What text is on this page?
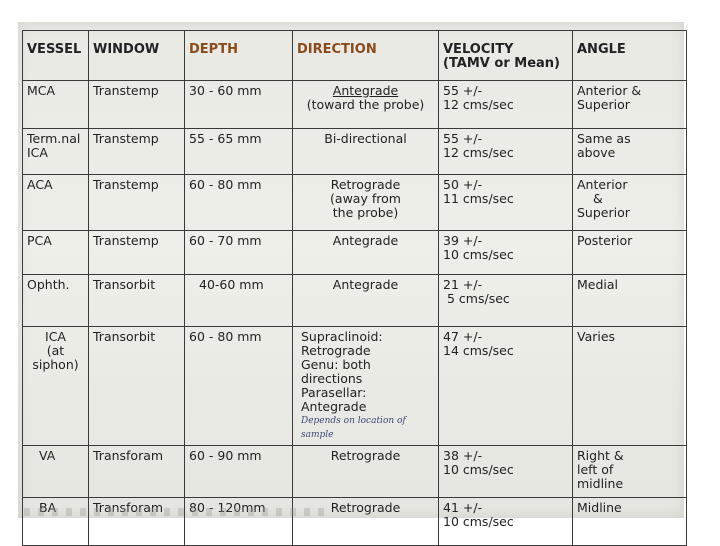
VESSEL	WINDOW	DEPTH	DIRECTION	VELOCITY
(TAMV or Mean)	ANGLE

MCA	Transtemp	30 - 60 mm	Antegrade
(toward the probe)	55 +/-
12 cms/sec	Anterior &
Superior

Term.nal
ICA	Transtemp	55 - 65 mm	Bi-directional	55 +/-
12 cms/sec	Same as
above

ACA	Transtemp	60 - 80 mm	Retrograde
(away from
the probe)	50 +/-
11 cms/sec	Anterior
&
Superior

PCA	Transtemp	60 - 70 mm	Antegrade	39 +/-
10 cms/sec	Posterior

Ophth.	Transorbit	40-60 mm	Antegrade	21 +/-
5 cms/sec	Medial

ICA
(at
siphon)	Transorbit	60 - 80 mm	Supraclinoid:
Retrograde
Genu: both directions
Parasellar: Antegrade
Depends on location of sample	47 +/-
14 cms/sec	Varies

VA	Transforam	60 - 90 mm	Retrograde	38 +/-
10 cms/sec	Right &
left of
midline

BA	Transforam	80 - 120mm	Retrograde	41 +/-
10 cms/sec	Midline
